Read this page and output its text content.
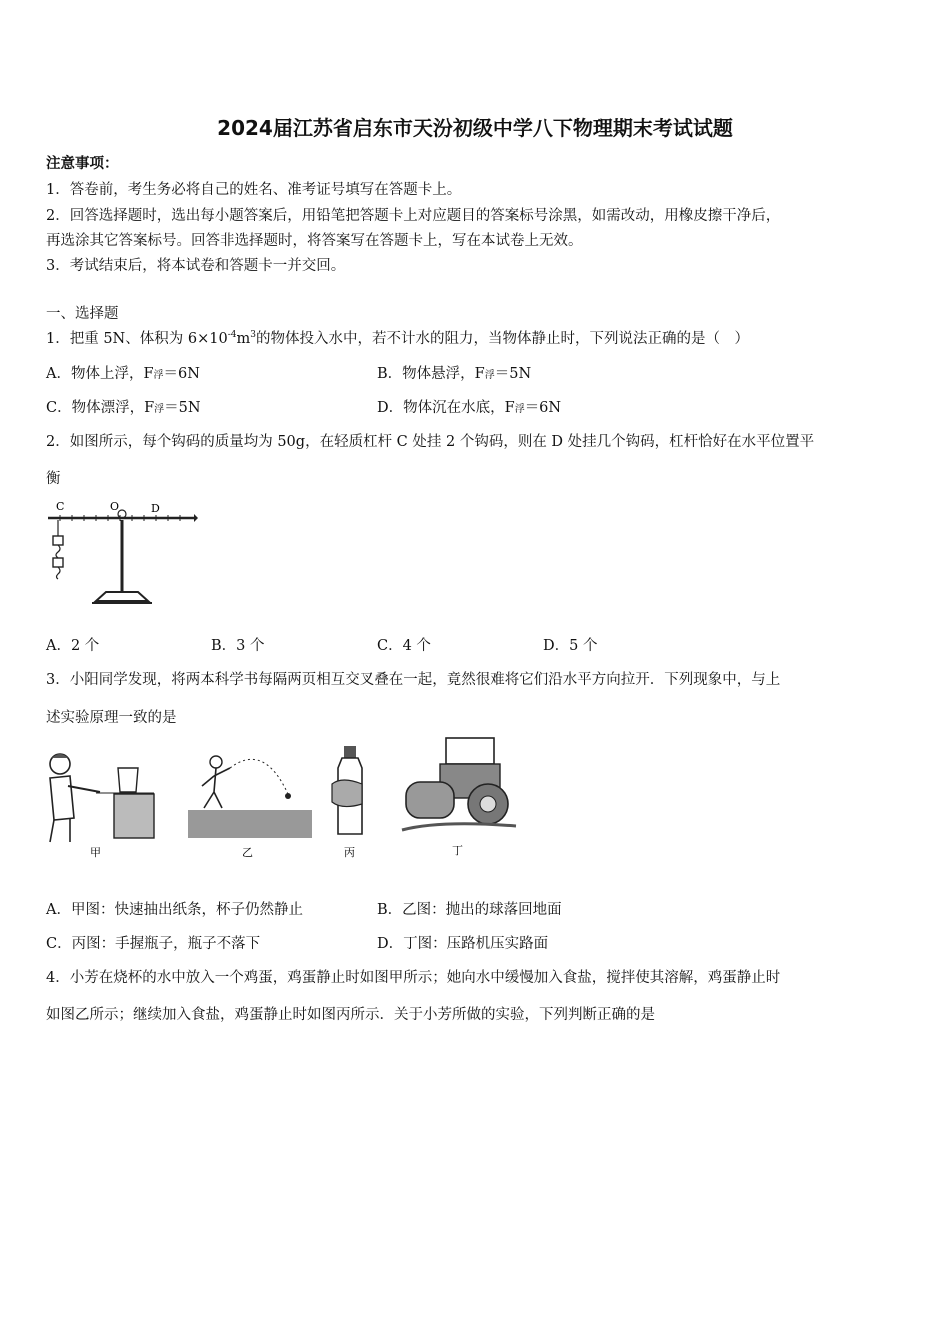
2024届江苏省启东市天汾初级中学八下物理期末考试试题
注意事项：
1．答卷前，考生务必将自己的姓名、准考证号填写在答题卡上。
2．回答选择题时，选出每小题答案后，用铅笔把答题卡上对应题目的答案标号涂黑，如需改动，用橡皮擦干净后，
再选涂其它答案标号。回答非选择题时，将答案写在答题卡上，写在本试卷上无效。
3．考试结束后，将本试卷和答题卡一并交回。
一、选择题
1．把重 5N、体积为 $6\times 10^{-4}m^3$的物体投入水中，若不计水的阻力，当物体静止时，下列说法正确的是（　）
A．物体上浮，F浮＝6N	B．物体悬浮，F浮＝5N
C．物体漂浮，F浮＝5N	D．物体沉在水底，F浮＝6N
2．如图所示，每个钩码的质量均为 50g，在轻质杠杆 C 处挂 2 个钩码，则在 D 处挂几个钩码，杠杆恰好在水平位置平
衡
C	O	D
A．2 个	B．3 个	C．4 个	D．5 个
3．小阳同学发现，将两本科学书每隔两页相互交叉叠在一起，竟然很难将它们沿水平方向拉开．下列现象中，与上
述实验原理一致的是
甲	乙	丙	丁
A．甲图：快速抽出纸条，杯子仍然静止	B．乙图：抛出的球落回地面
C．丙图：手握瓶子，瓶子不落下	D．丁图：压路机压实路面
4．小芳在烧杯的水中放入一个鸡蛋，鸡蛋静止时如图甲所示；她向水中缓慢加入食盐，搅拌使其溶解，鸡蛋静止时
如图乙所示；继续加入食盐，鸡蛋静止时如图丙所示．关于小芳所做的实验，下列判断正确的是
